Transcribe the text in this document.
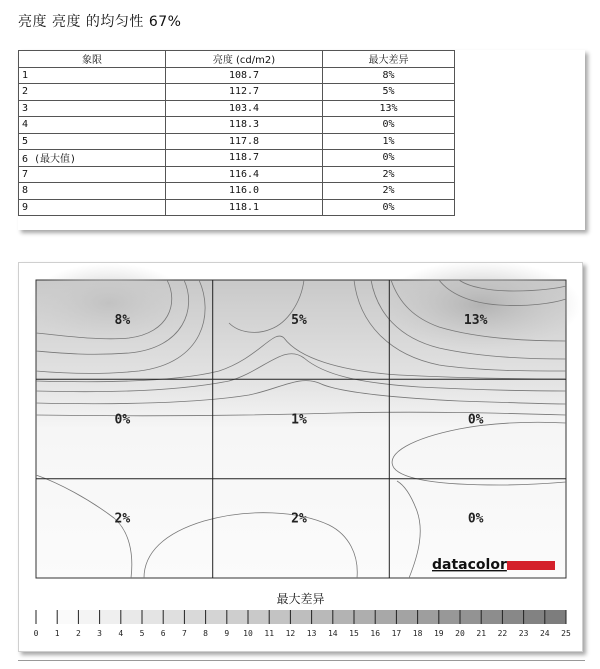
亮度 亮度 的均匀性 67%
象限	亮度 (cd/m2)	最大差异
1	108.7	8%
2	112.7	5%
3	103.4	13%
4	118.3	0%
5	117.8	1%
6 (最大值)	118.7	0%
7	116.4	2%
8	116.0	2%
9	118.1	0%
8%	5%	13%
0%	1%	0%
2%	2%	0%
datacolor
0 1 2 3 4 5 6 7 8 9 10 11 12 13 14 15 16 17 18 19 20 21 22 23 24 25
最大差异
